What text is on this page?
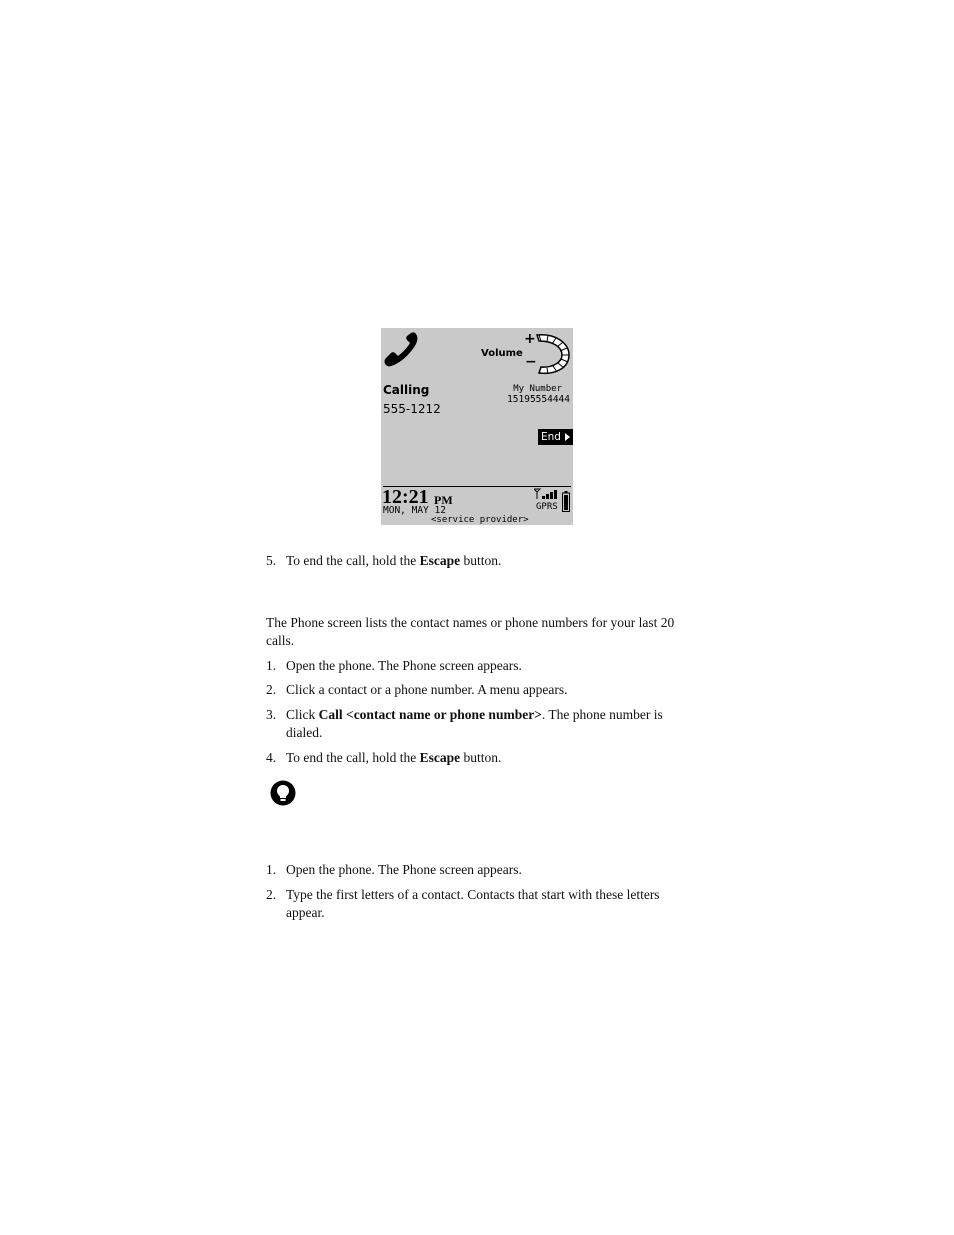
Volume
+
−
Calling
555-1212
My Number
15195554444
End
12:21 PM
MON, MAY 12
<service provider>
GPRS
5. To end the call, hold the Escape button.
The Phone screen lists the contact names or phone numbers for your last 20 calls.
1. Open the phone. The Phone screen appears.
2. Click a contact or a phone number. A menu appears.
3. Click Call <contact name or phone number>. The phone number is dialed.
4. To end the call, hold the Escape button.
1. Open the phone. The Phone screen appears.
2. Type the first letters of a contact. Contacts that start with these letters appear.
